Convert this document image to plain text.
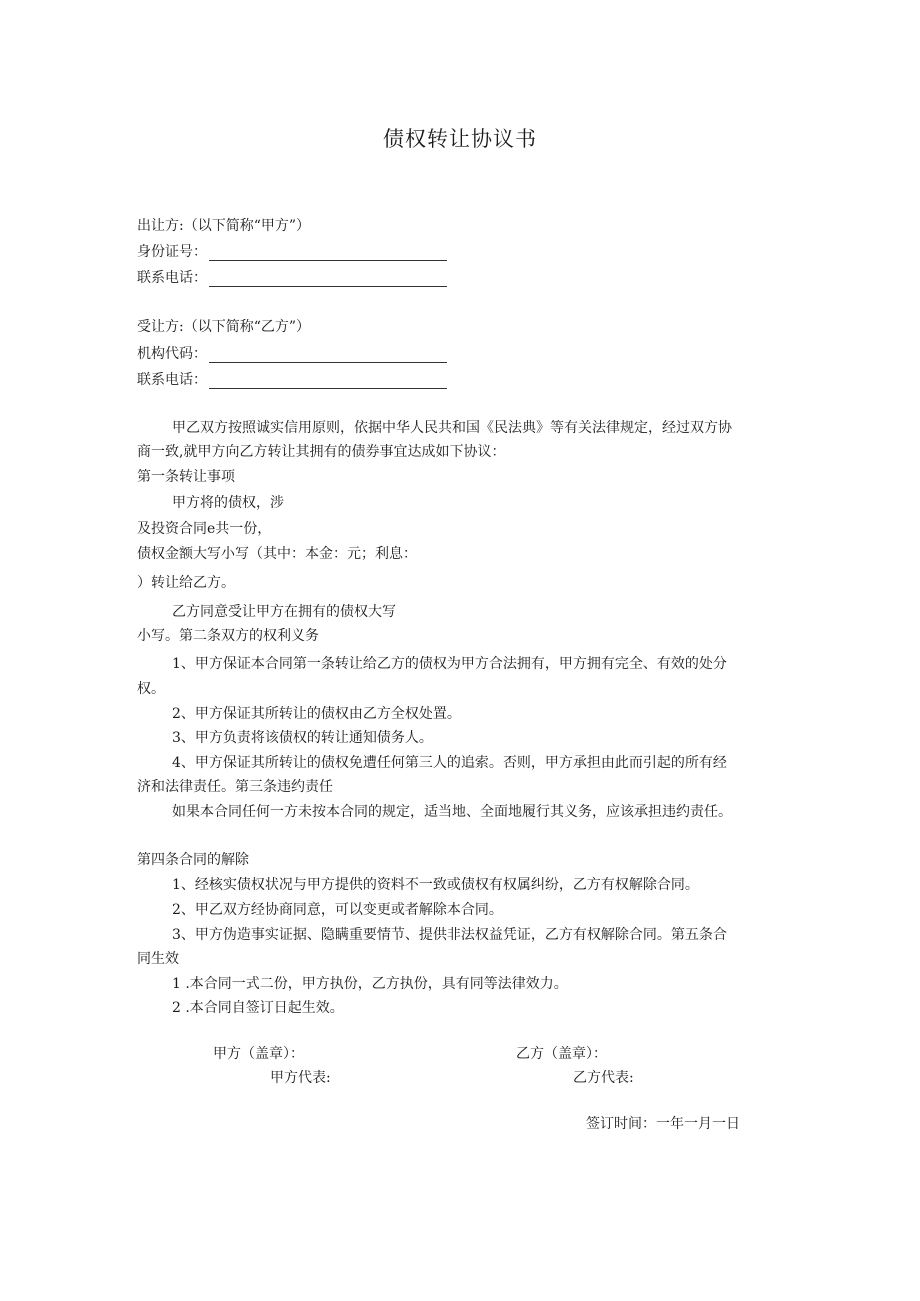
债权转让协议书
出让方:（以下简称“甲方”）
身份证号：
联系电话：
受让方:（以下简称“乙方”）
机构代码：
联系电话：
甲乙双方按照诚实信用原则，依据中华人民共和国《民法典》等有关法律规定，经过双方协
商一致,就甲方向乙方转让其拥有的债券事宜达成如下协议：
第一条转让事项
甲方将的债权，涉
及投资合同e共一份，
债权金额大写小写（其中：本金：元；利息：
）转让给乙方。
乙方同意受让甲方在拥有的债权大写
小写。第二条双方的权利义务
1、甲方保证本合同第一条转让给乙方的债权为甲方合法拥有，甲方拥有完全、有效的处分
权。
2、甲方保证其所转让的债权由乙方全权处置。
3、甲方负责将该债权的转让通知债务人。
4、甲方保证其所转让的债权免遭任何第三人的追索。否则，甲方承担由此而引起的所有经
济和法律责任。第三条违约责任
如果本合同任何一方未按本合同的规定，适当地、全面地履行其义务，应该承担违约责任。
第四条合同的解除
1、经核实债权状况与甲方提供的资料不一致或债权有权属纠纷，乙方有权解除合同。
2、甲乙双方经协商同意，可以变更或者解除本合同。
3、甲方伪造事实证据、隐瞒重要情节、提供非法权益凭证，乙方有权解除合同。第五条合
同生效
1 .本合同一式二份，甲方执份，乙方执份，具有同等法律效力。
2 .本合同自签订日起生效。
甲方（盖章）：	乙方（盖章）：
甲方代表:	乙方代表:
签订时间：一年一月一日
